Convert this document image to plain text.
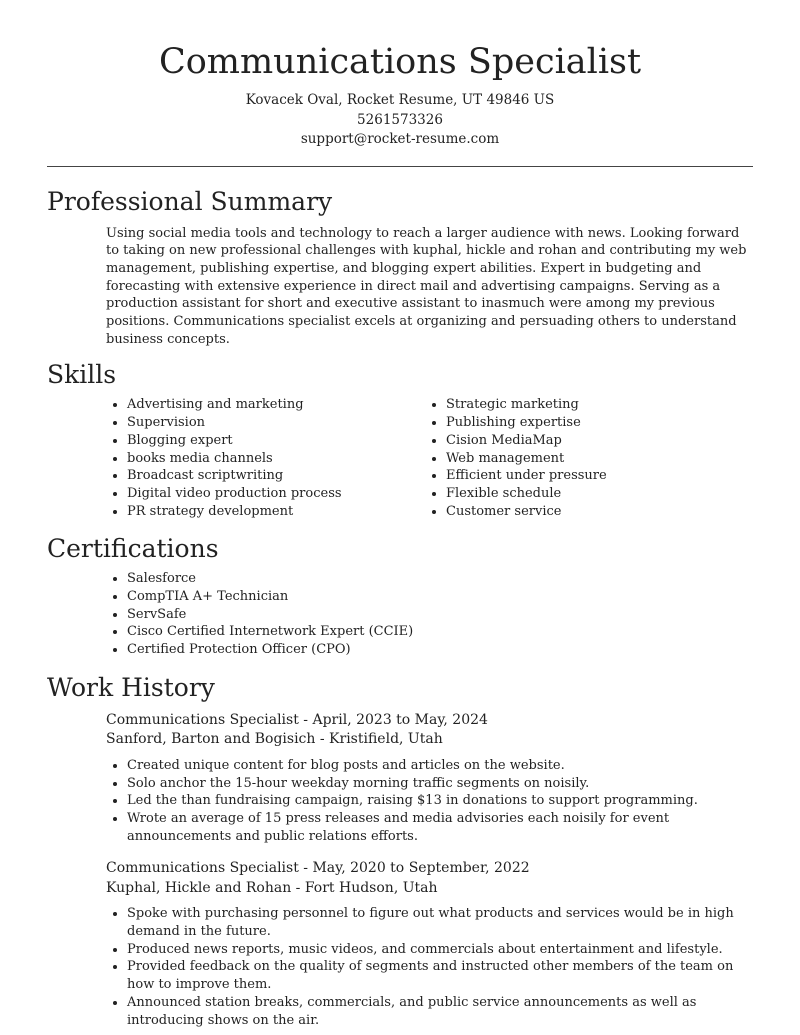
Communications Specialist
Kovacek Oval, Rocket Resume, UT 49846 US
5261573326
support@rocket-resume.com
Professional Summary
Using social media tools and technology to reach a larger audience with news. Looking forward to taking on new professional challenges with kuphal, hickle and rohan and contributing my web management, publishing expertise, and blogging expert abilities. Expert in budgeting and forecasting with extensive experience in direct mail and advertising campaigns. Serving as a production assistant for short and executive assistant to inasmuch were among my previous positions. Communications specialist excels at organizing and persuading others to understand business concepts.
Skills
• Advertising and marketing
• Supervision
• Blogging expert
• books media channels
• Broadcast scriptwriting
• Digital video production process
• PR strategy development
• Strategic marketing
• Publishing expertise
• Cision MediaMap
• Web management
• Efficient under pressure
• Flexible schedule
• Customer service
Certifications
• Salesforce
• CompTIA A+ Technician
• ServSafe
• Cisco Certified Internetwork Expert (CCIE)
• Certified Protection Officer (CPO)
Work History
Communications Specialist - April, 2023 to May, 2024
Sanford, Barton and Bogisich - Kristifield, Utah
• Created unique content for blog posts and articles on the website.
• Solo anchor the 15-hour weekday morning traffic segments on noisily.
• Led the than fundraising campaign, raising $13 in donations to support programming.
• Wrote an average of 15 press releases and media advisories each noisily for event announcements and public relations efforts.
Communications Specialist - May, 2020 to September, 2022
Kuphal, Hickle and Rohan - Fort Hudson, Utah
• Spoke with purchasing personnel to figure out what products and services would be in high demand in the future.
• Produced news reports, music videos, and commercials about entertainment and lifestyle.
• Provided feedback on the quality of segments and instructed other members of the team on how to improve them.
• Announced station breaks, commercials, and public service announcements as well as introducing shows on the air.
